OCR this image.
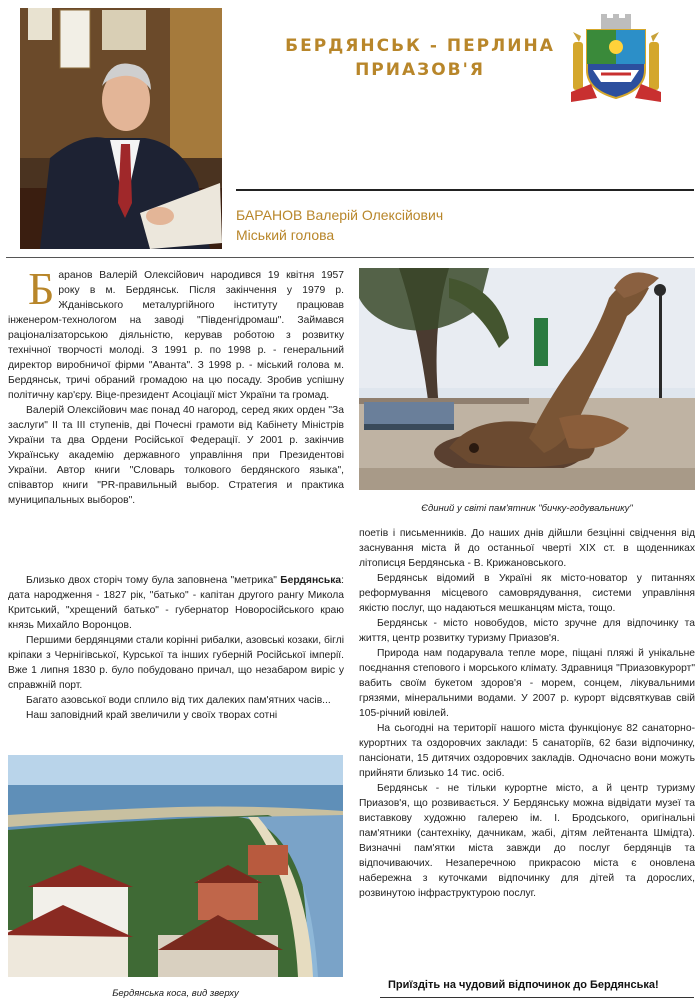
БЕРДЯНСЬК - ПЕРЛИНА
ПРИАЗОВ'Я
БАРАНОВ Валерій Олексійович
Міський голова

Баранов Валерій Олексійович народився 19 квітня 1957 року в м. Бердянськ. Після закінчення у 1979 р. Жданівського металургійного інституту працював інженером-технологом на заводі "Південгідромаш". Займався раціоналізаторською діяльністю, керував роботою з розвитку технічної творчості молоді. З 1991 р. по 1998 р. - генеральний директор виробничої фірми "Аванта". З 1998 р. - міський голова м. Бердянськ, тричі обраний громадою на цю посаду. Зробив успішну політичну кар'єру. Віце-президент Асоціації міст України та громад.

Валерій Олексійович має понад 40 нагород, серед яких орден "За заслуги" II та III ступенів, дві Почесні грамоти від Кабінету Міністрів України та два Ордени Російської Федерації. У 2001 р. закінчив Українську академію державного управління при Президентові України. Автор книги "Словарь толкового бердянского языка", співавтор книги "PR-правильный выбор. Стратегия и практика муниципальных выборов".

Близько двох сторіч тому була заповнена "метрика" Бердянська: дата народження - 1827 рік, "батько" - капітан другого рангу Микола Критський, "хрещений батько" - губернатор Новоросійського краю князь Михайло Воронцов.

Першими бердянцями стали корінні рибалки, азовські козаки, біглі кріпаки з Чернігівської, Курської та інших губерній Російської імперії. Вже 1 липня 1830 р. було побудовано причал, що незабаром виріс у справжній порт.

Багато азовської води сплило від тих далеких пам'ятних часів...

Наш заповідний край звеличили у своїх творах сотні

Єдиний у світі пам'ятник "бичку-годувальнику"

поетів і письменників. До наших днів дійшли безцінні свідчення від заснування міста й до останньої чверті XIX ст. в щоденниках літописця Бердянська - В. Крижановського.

Бердянськ відомий в Україні як місто-новатор у питаннях реформування місцевого самоврядування, системи управління якістю послуг, що надаються мешканцям міста, тощо.

Бердянськ - місто новобудов, місто зручне для відпочинку та життя, центр розвитку туризму Приазов'я.

Природа нам подарувала тепле море, піщані пляжі й унікальне поєднання степового і морського клімату. Здравниця "Приазовкурорт" вабить своїм букетом здоров'я - морем, сонцем, лікувальними грязями, мінеральними водами. У 2007 р. курорт відсвяткував свій 105-річний ювілей.

На сьогодні на території нашого міста функціонує 82 санаторно-курортних та оздоровчих заклади: 5 санаторіїв, 62 бази відпочинку, пансіонати, 15 дитячих оздоровчих закладів. Одночасно вони можуть прийняти близько 14 тис. осіб.

Бердянськ - не тільки курортне місто, а й центр туризму Приазов'я, що розвивається. У Бердянську можна відвідати музеї та виставкову художню галерею ім. І. Бродського, оригінальні пам'ятники (сантехніку, дачникам, жабі, дітям лейтенанта Шмідта). Визначні пам'ятки міста завжди до послуг бердянців та відпочиваючих. Незаперечною прикрасою міста є оновлена набережна з куточками відпочинку для дітей та дорослих, розвинутою інфраструктурою послуг.

Бердянська коса, вид зверху
Приїздіть на чудовий відпочинок до Бердянська!
